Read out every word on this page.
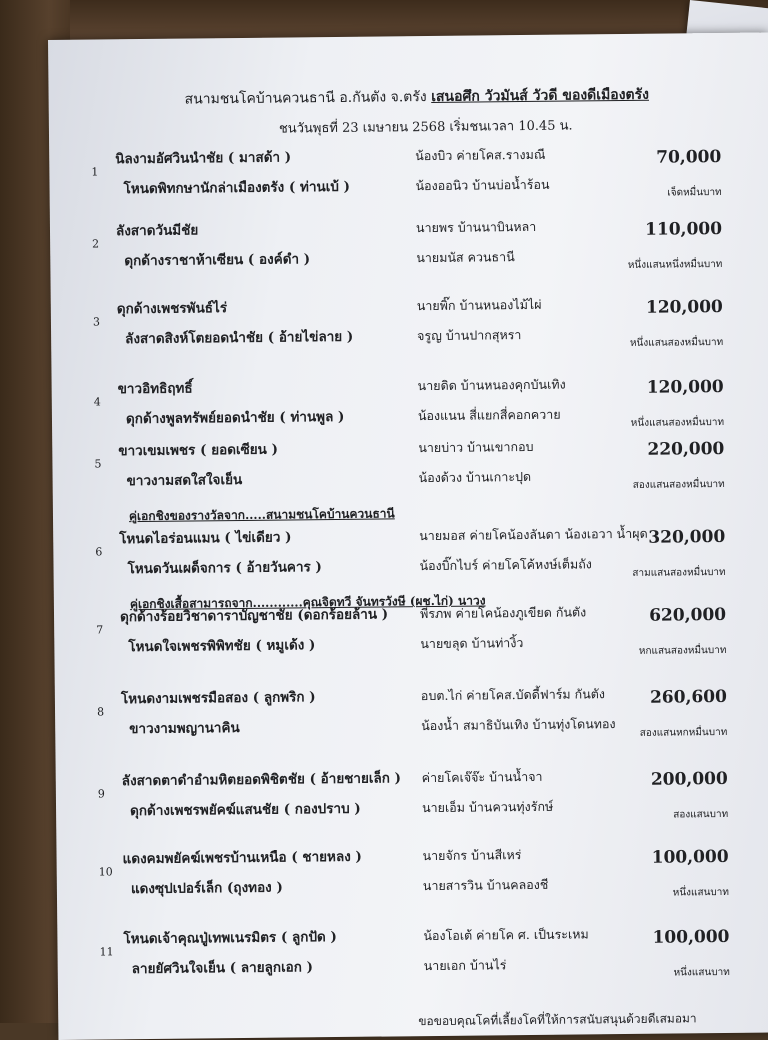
สนามชนโคบ้านควนธานี อ.กันตัง จ.ตรัง เสนอศึก วัวมันส์ วัวดี ของดีเมืองตรัง
ชนวันพุธที่ 23 เมษายน 2568 เริ่มชนเวลา 10.45 น.
1
นิลงามอัศวินนำชัย ( มาสด้า )
โหนดพิทกษานักล่าเมืองตรัง ( ท่านเบ้ )
น้องบิว ค่ายโคส.รางมณี
น้องออนิว บ้านบ่อน้ำร้อน
70,000
เจ็ดหมื่นบาท
2
ลังสาดวันมีชัย
ดุกด้างราชาห้าเซียน ( องค์ดำ )
นายพร บ้านนาบินหลา
นายมนัส ควนธานี
110,000
หนึ่งแสนหนึ่งหมื่นบาท
3
ดุกด้างเพชรพันธ์ไร่
ลังสาดสิงห์โตยอดนำชัย ( อ้ายไข่ลาย )
นายพิ๊ก บ้านหนองไม้ไผ่
จรูญ บ้านปากสุหรา
120,000
หนึ่งแสนสองหมื่นบาท
4
ขาวอิทธิฤทธิ์
ดุกด้างพูลทรัพย์ยอดนำชัย ( ท่านพูล )
นายดิด บ้านหนองคุกบันเทิง
น้องแนน สี่แยกสี่คอกควาย
120,000
หนึ่งแสนสองหมื่นบาท
5
ขาวเขมเพชร ( ยอดเซียน )
ขาวงามสดใสใจเย็น
นายบ่าว บ้านเขากอบ
น้องด้วง บ้านเกาะปุด
220,000
สองแสนสองหมื่นบาท
คู่เอกชิงของรางวัลจาก.....สนามชนโคบ้านควนธานี
6
โหนดไอร่อนแมน ( ไข่เดียว )
โหนดวันเผด็จการ ( อ้ายวันคาร )
นายมอส ค่ายโคน้องลันดา น้องเอวา น้ำผุด
น้องบิ๊กไบร์ ค่ายโคโค้หงษ์เต็มถัง
320,000
สามแสนสองหมื่นบาท
คู่เอกชิงเสื้อสามารถจาก............คุณจิดทวี จันทรวังษี (ผช.ไก่) นาวง
7
ดุกด้างร้อยวิชาดาราบัญชาชัย (ดอกร้อยล้าน )
โหนดใจเพชรพิพิทชัย ( หมูเด้ง )
พีรภพ ค่ายโคน้องภูเขียด กันตัง
นายขลุด บ้านท่างิ้ว
620,000
หกแสนสองหมื่นบาท
8
โหนดงามเพชรมือสอง ( ลูกพริก )
ขาวงามพญานาคิน
อบต.ไก่ ค่ายโคส.บัดดี้ฟาร์ม กันตัง
น้องน้ำ สมาธิบันเทิง บ้านทุ่งโดนทอง
260,600
สองแสนหกหมื่นบาท
9
ลังสาดตาดำอำมหิตยอดพิชิตชัย ( อ้ายชายเล็ก )
ดุกด้างเพชรพยัคฆ์แสนชัย ( กองปราบ )
ค่ายโคเจ๊จ๊ะ บ้านน้ำจา
นายเอ็ม บ้านควนทุ่งรักษ์
200,000
สองแสนบาท
10
แดงคมพยัคฆ์เพชรบ้านเหนือ ( ชายหลง )
แดงซุปเปอร์เล็ก (ถุงทอง )
นายจักร บ้านสีเหร่
นายสารวิน บ้านคลองชี
100,000
หนึ่งแสนบาท
11
โหนดเจ้าคุณปู่เทพเนรมิตร ( ลูกปัด )
ลายยัศวินใจเย็น ( ลายลูกเอก )
น้องโอเต้ ค่ายโค ศ. เป็นระเหม
นายเอก บ้านไร่
100,000
หนึ่งแสนบาท
ขอขอบคุณโคที่เลี้ยงโคที่ให้การสนับสนุนด้วยดีเสมอมา
